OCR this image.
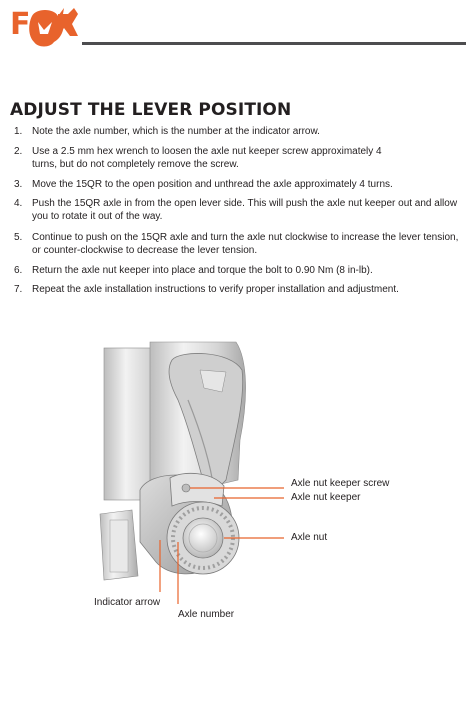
F
ADJUST THE LEVER POSITION
1. Note the axle number, which is the number at the indicator arrow.
2. Use a 2.5 mm hex wrench to loosen the axle nut keeper screw approximately 4 turns, but do not completely remove the screw.
3. Move the 15QR to the open position and unthread the axle approximately 4 turns.
4. Push the 15QR axle in from the open lever side. This will push the axle nut keeper out and allow you to rotate it out of the way.
5. Continue to push on the 15QR axle and turn the axle nut clockwise to increase the lever tension, or counter-clockwise to decrease the lever tension.
6. Return the axle nut keeper into place and torque the bolt to 0.90 Nm (8 in-lb).
7. Repeat the axle installation instructions to verify proper installation and adjustment.
Axle nut keeper screw
Axle nut keeper
Axle nut
Indicator arrow
Axle number
